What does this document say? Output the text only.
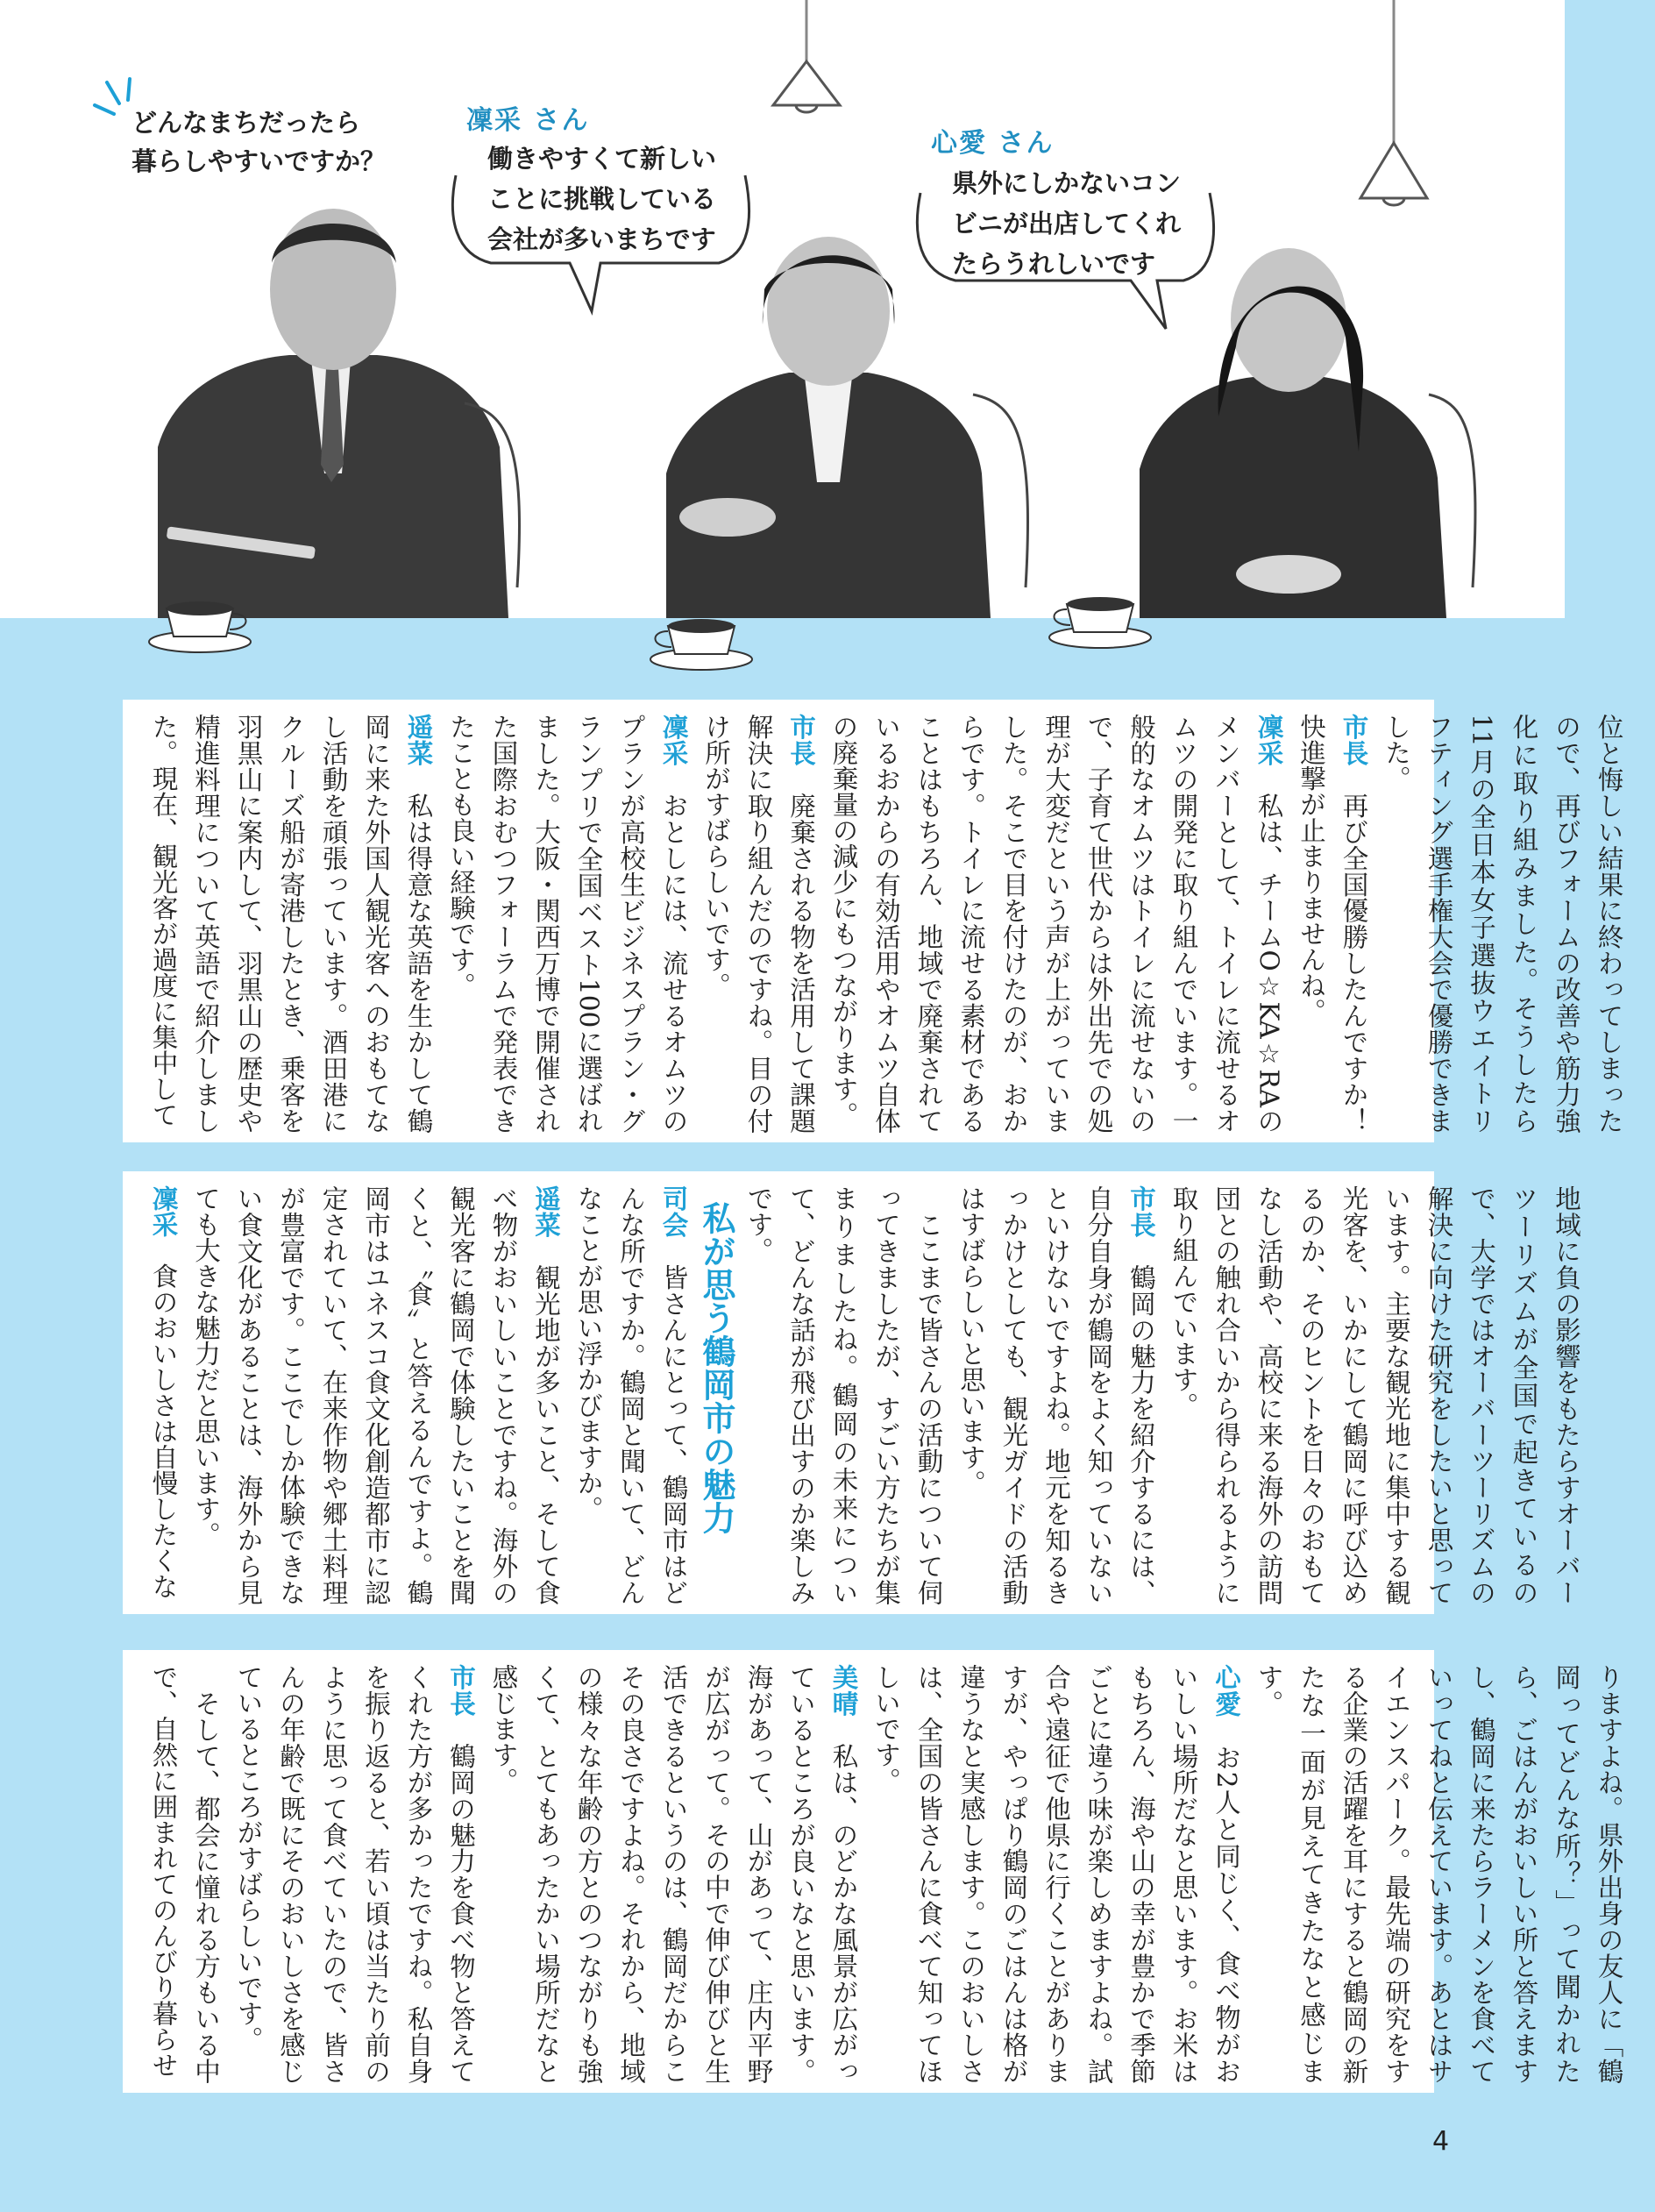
どんなまちだったら
暮らしやすいですか？
凜采 さん
働きやすくて新しい
ことに挑戦している
会社が多いまちです
心愛 さん
県外にしかないコン
ビニが出店してくれ
たらうれしいです

位と悔しい結果に終わってしまったので、再びフォームの改善や筋力強化に取り組みました。そうしたら11月の全日本女子選抜ウエイトリフティング選手権大会で優勝できました。

市長　再び全国優勝したんですか！快進撃が止まりませんね。

凜采　私は、チームO☆KA☆RAのメンバーとして、トイレに流せるオムツの開発に取り組んでいます。一般的なオムツはトイレに流せないので、子育て世代からは外出先での処理が大変だという声が上がっていました。そこで目を付けたのが、おからです。トイレに流せる素材であることはもちろん、地域で廃棄されているおからの有効活用やオムツ自体の廃棄量の減少にもつながります。

市長　廃棄される物を活用して課題解決に取り組んだのですね。目の付け所がすばらしいです。

凜采　おとしには、流せるオムツのプランが高校生ビジネスプラン・グランプリで全国ベスト100に選ばれました。大阪・関西万博で開催された国際おむつフォーラムで発表できたことも良い経験です。

遥菜　私は得意な英語を生かして鶴岡に来た外国人観光客へのおもてなし活動を頑張っています。酒田港にクルーズ船が寄港したとき、乗客を羽黒山に案内して、羽黒山の歴史や精進料理について英語で紹介しました。現在、観光客が過度に集中して

地域に負の影響をもたらすオーバーツーリズムが全国で起きているので、大学ではオーバーツーリズムの解決に向けた研究をしたいと思っています。主要な観光地に集中する観光客を、いかにして鶴岡に呼び込めるのか、そのヒントを日々のおもてなし活動や、高校に来る海外の訪問団との触れ合いから得られるように取り組んでいます。

市長　鶴岡の魅力を紹介するには、自分自身が鶴岡をよく知っていないといけないですよね。地元を知るきっかけとしても、観光ガイドの活動はすばらしいと思います。

　ここまで皆さんの活動について伺ってきましたが、すごい方たちが集まりましたね。鶴岡の未来について、どんな話が飛び出すのか楽しみです。

私が思う鶴岡市の魅力

司会　皆さんにとって、鶴岡市はどんな所ですか。鶴岡と聞いて、どんなことが思い浮かびますか。

遥菜　観光地が多いこと、そして食べ物がおいしいことですね。海外の観光客に鶴岡で体験したいことを聞くと、〝食〟と答えるんですよ。鶴岡市はユネスコ食文化創造都市に認定されていて、在来作物や郷土料理が豊富です。ここでしか体験できない食文化があることは、海外から見ても大きな魅力だと思います。

凜采　食のおいしさは自慢したくな

りますよね。県外出身の友人に「鶴岡ってどんな所？」って聞かれたら、ごはんがおいしい所と答えますし、鶴岡に来たらラーメンを食べていってねと伝えています。あとはサイエンスパーク。最先端の研究をする企業の活躍を耳にすると鶴岡の新たな一面が見えてきたなと感じます。

心愛　お2人と同じく、食べ物がおいしい場所だなと思います。お米はもちろん、海や山の幸が豊かで季節ごとに違う味が楽しめますよね。試合や遠征で他県に行くことがありますが、やっぱり鶴岡のごはんは格が違うなと実感します。このおいしさは、全国の皆さんに食べて知ってほしいです。

美晴　私は、のどかな風景が広がっているところが良いなと思います。海があって、山があって、庄内平野が広がって。その中で伸び伸びと生活できるというのは、鶴岡だからこその良さですよね。それから、地域の様々な年齢の方とのつながりも強くて、とてもあったかい場所だなと感じます。

市長　鶴岡の魅力を食べ物と答えてくれた方が多かったですね。私自身を振り返ると、若い頃は当たり前のように思って食べていたので、皆さんの年齢で既にそのおいしさを感じているところがすばらしいです。

　そして、都会に憧れる方もいる中で、自然に囲まれてのんびり暮らせ

4
